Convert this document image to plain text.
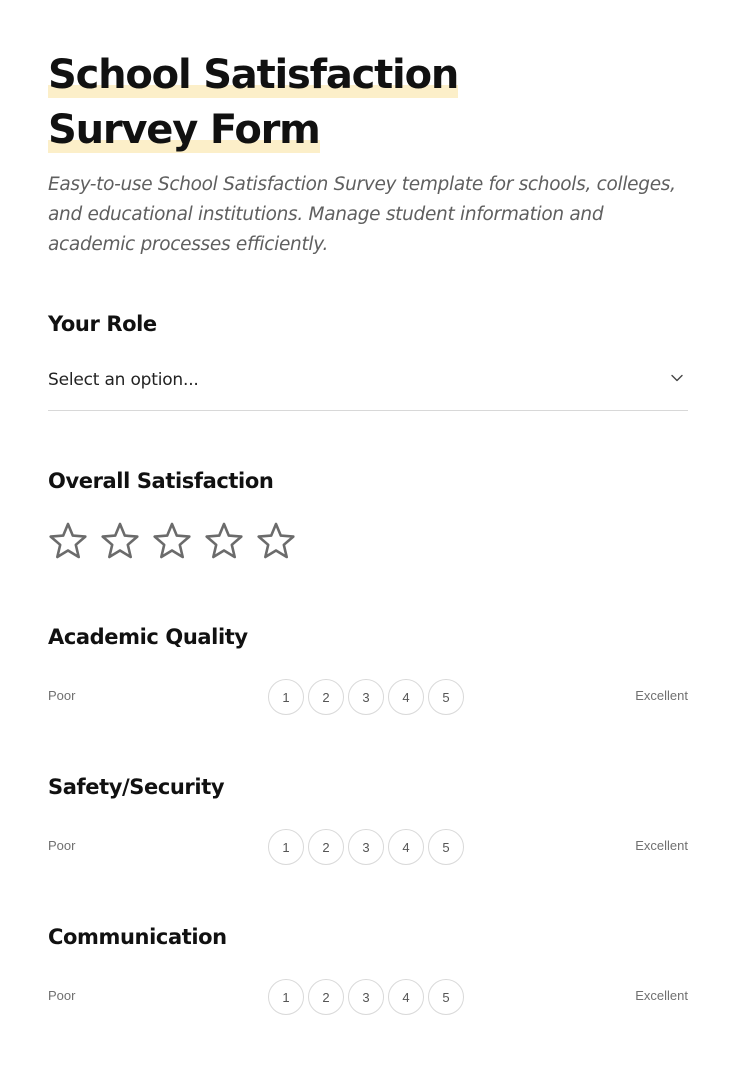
School Satisfaction Survey Form

Easy-to-use School Satisfaction Survey template for schools, colleges, and educational institutions. Manage student information and academic processes efficiently.

Your Role
Select an option...
Overall Satisfaction
Academic Quality
Poor	1	2	3	4	5	Excellent
Safety/Security
Poor	1	2	3	4	5	Excellent
Communication
Poor	1	2	3	4	5	Excellent
